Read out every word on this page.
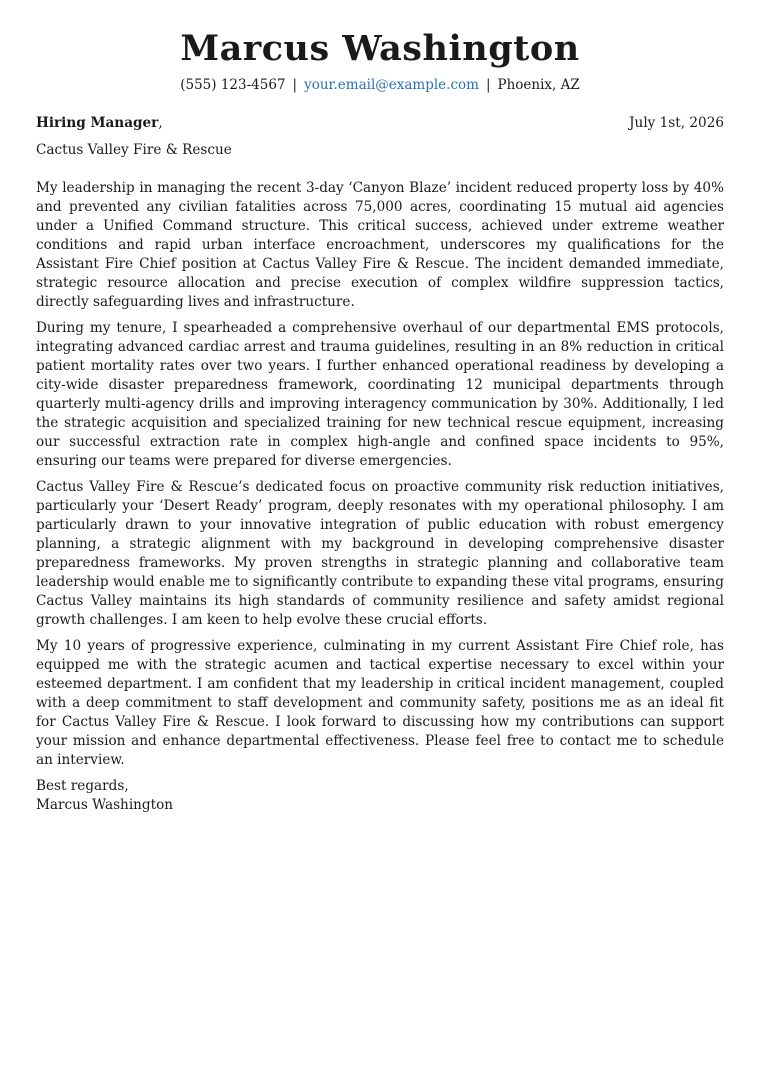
Marcus Washington
(555) 123-4567 | your.email@example.com | Phoenix, AZ
Hiring Manager,	July 1st, 2026
Cactus Valley Fire & Rescue

My leadership in managing the recent 3-day ‘Canyon Blaze’ incident reduced property loss by 40% and prevented any civilian fatalities across 75,000 acres, coordinating 15 mutual aid agencies under a Unified Command structure. This critical success, achieved under extreme weather conditions and rapid urban interface encroachment, underscores my qualifications for the Assistant Fire Chief position at Cactus Valley Fire & Rescue. The incident demanded immediate, strategic resource allocation and precise execution of complex wildfire suppression tactics, directly safeguarding lives and infrastructure.

During my tenure, I spearheaded a comprehensive overhaul of our departmental EMS protocols, integrating advanced cardiac arrest and trauma guidelines, resulting in an 8% reduction in critical patient mortality rates over two years. I further enhanced operational readiness by developing a city-wide disaster preparedness framework, coordinating 12 municipal departments through quarterly multi-agency drills and improving interagency communication by 30%. Additionally, I led the strategic acquisition and specialized training for new technical rescue equipment, increasing our successful extraction rate in complex high-angle and confined space incidents to 95%, ensuring our teams were prepared for diverse emergencies.

Cactus Valley Fire & Rescue’s dedicated focus on proactive community risk reduction initiatives, particularly your ‘Desert Ready’ program, deeply resonates with my operational philosophy. I am particularly drawn to your innovative integration of public education with robust emergency planning, a strategic alignment with my background in developing comprehensive disaster preparedness frameworks. My proven strengths in strategic planning and collaborative team leadership would enable me to significantly contribute to expanding these vital programs, ensuring Cactus Valley maintains its high standards of community resilience and safety amidst regional growth challenges. I am keen to help evolve these crucial efforts.

My 10 years of progressive experience, culminating in my current Assistant Fire Chief role, has equipped me with the strategic acumen and tactical expertise necessary to excel within your esteemed department. I am confident that my leadership in critical incident management, coupled with a deep commitment to staff development and community safety, positions me as an ideal fit for Cactus Valley Fire & Rescue. I look forward to discussing how my contributions can support your mission and enhance departmental effectiveness. Please feel free to contact me to schedule an interview.

Best regards,
Marcus Washington
